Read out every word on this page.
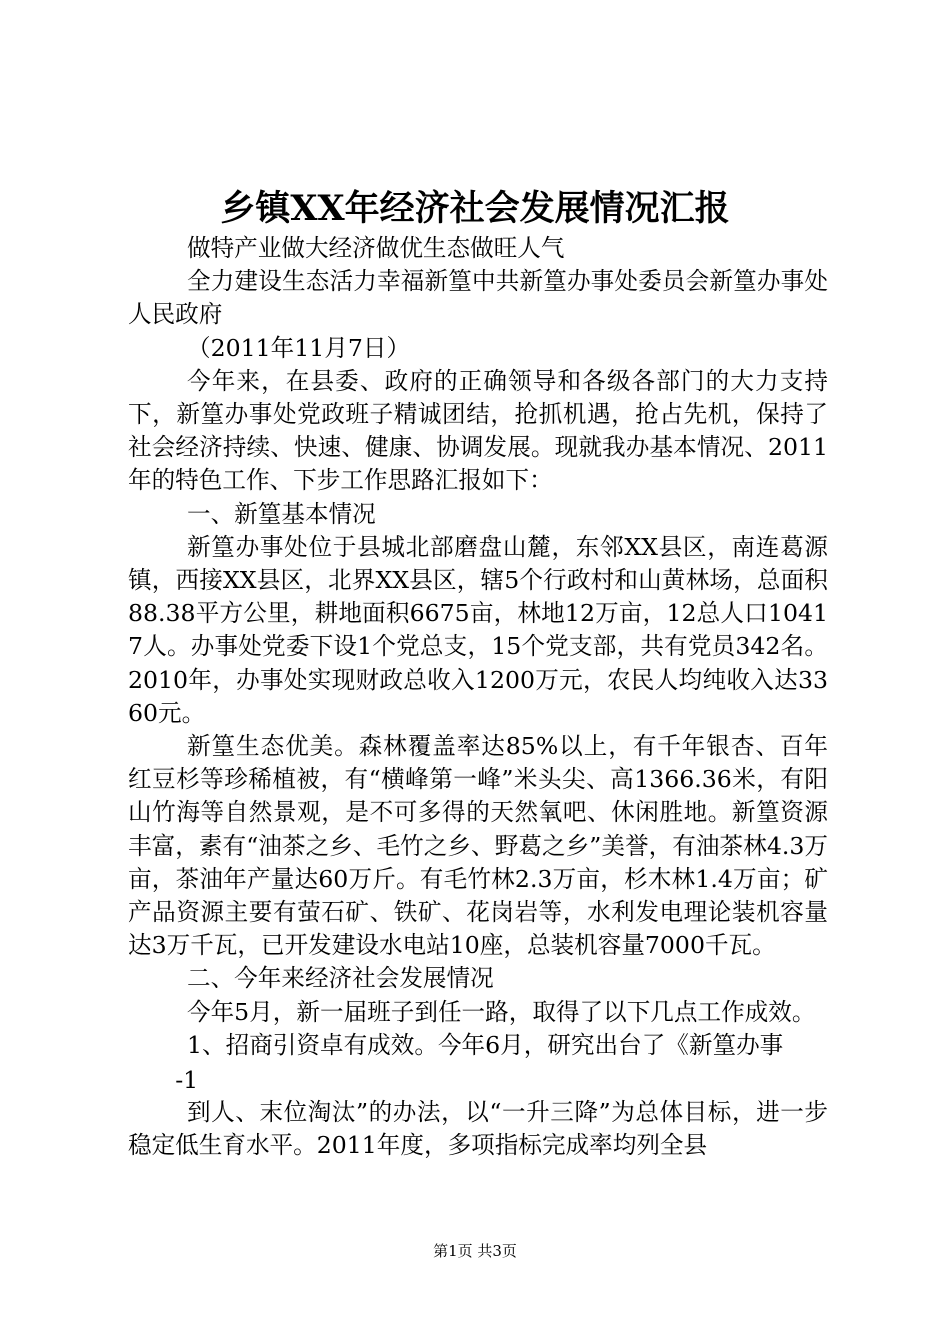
乡镇XX年经济社会发展情况汇报

做特产业做大经济做优生态做旺人气

全力建设生态活力幸福新篁中共新篁办事处委员会新篁办事处人民政府

（2011年11月7日）

今年来，在县委、政府的正确领导和各级各部门的大力支持下，新篁办事处党政班子精诚团结，抢抓机遇，抢占先机，保持了社会经济持续、快速、健康、协调发展。现就我办基本情况、2011年的特色工作、下步工作思路汇报如下：

一、新篁基本情况

新篁办事处位于县城北部磨盘山麓，东邻XX县区，南连葛源镇，西接XX县区，北界XX县区，辖5个行政村和山黄林场，总面积88.38平方公里，耕地面积6675亩，林地12万亩，12总人口10417人。办事处党委下设1个党总支，15个党支部，共有党员342名。2010年，办事处实现财政总收入1200万元，农民人均纯收入达3360元。

新篁生态优美。森林覆盖率达85%以上，有千年银杏、百年红豆杉等珍稀植被，有“横峰第一峰”米头尖、高1366.36米，有阳山竹海等自然景观，是不可多得的天然氧吧、休闲胜地。新篁资源丰富，素有“油茶之乡、毛竹之乡、野葛之乡”美誉，有油茶林4.3万亩，茶油年产量达60万斤。有毛竹林2.3万亩，杉木林1.4万亩；矿产品资源主要有萤石矿、铁矿、花岗岩等，水利发电理论装机容量达3万千瓦，已开发建设水电站10座，总装机容量7000千瓦。

二、今年来经济社会发展情况

今年5月，新一届班子到任一路，取得了以下几点工作成效。

1、招商引资卓有成效。今年6月，研究出台了《新篁办事

-1

到人、末位淘汰”的办法，以“一升三降”为总体目标，进一步稳定低生育水平。2011年度，多项指标完成率均列全县

第1页 共3页
